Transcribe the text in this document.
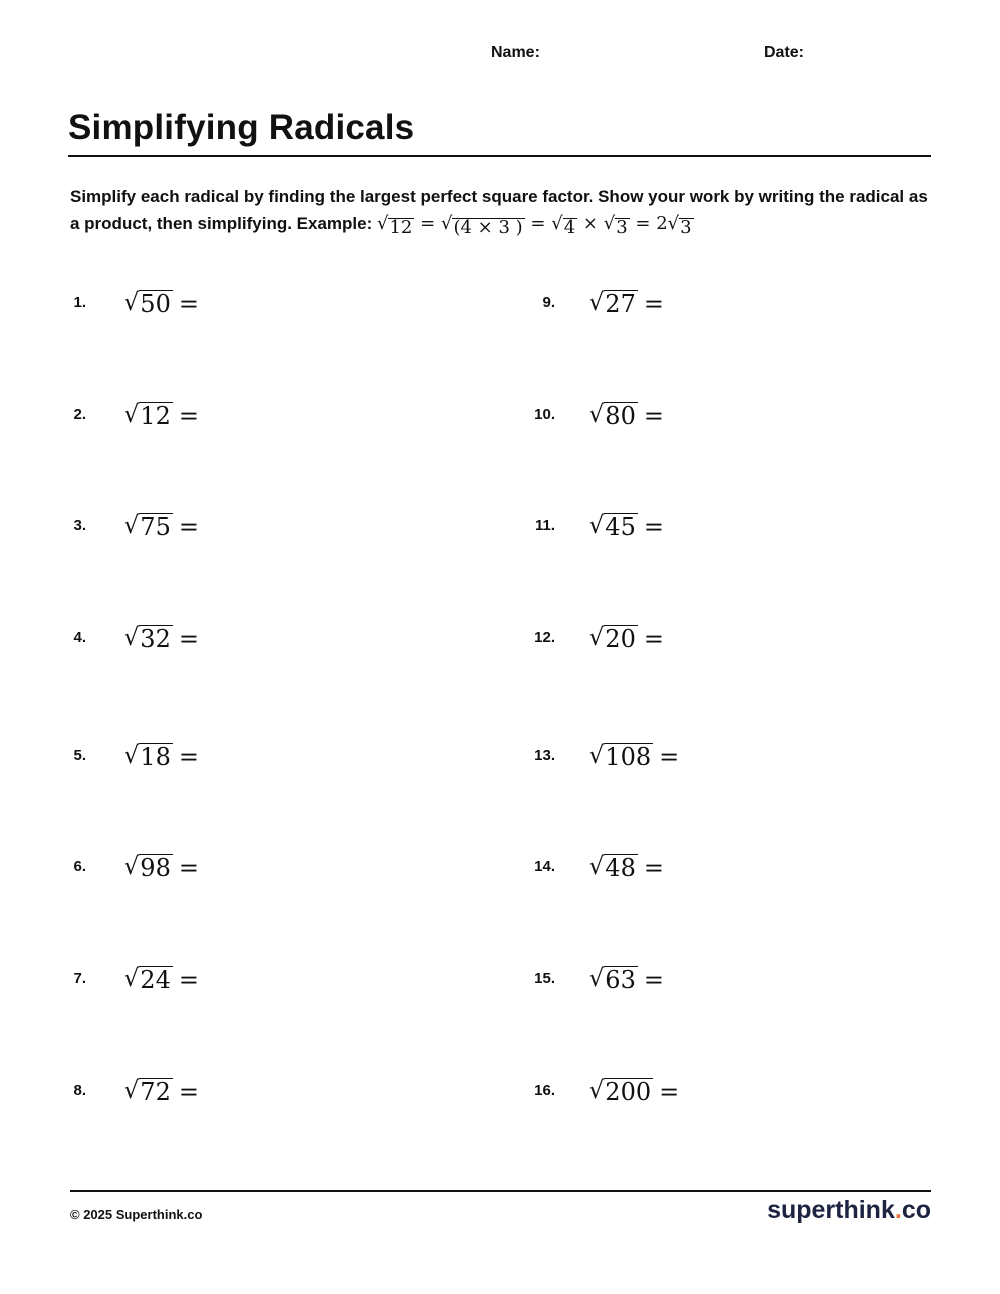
Name:	Date:
Simplifying Radicals
Simplify each radical by finding the largest perfect square factor. Show your work by writing the radical as a product, then simplifying. Example: √ 12 = √ (4 × 3 ) = √ 4 × √ 3 = 2 √ 3
1. √ 50 =
2. √ 12 =
3. √ 75 =
4. √ 32 =
5. √ 18 =
6. √ 98 =
7. √ 24 =
8. √ 72 =
9. √ 27 =
10. √ 80 =
11. √ 45 =
12. √ 20 =
13. √ 108 =
14. √ 48 =
15. √ 63 =
16. √ 200 =
© 2025 Superthink.co	superthink.co
